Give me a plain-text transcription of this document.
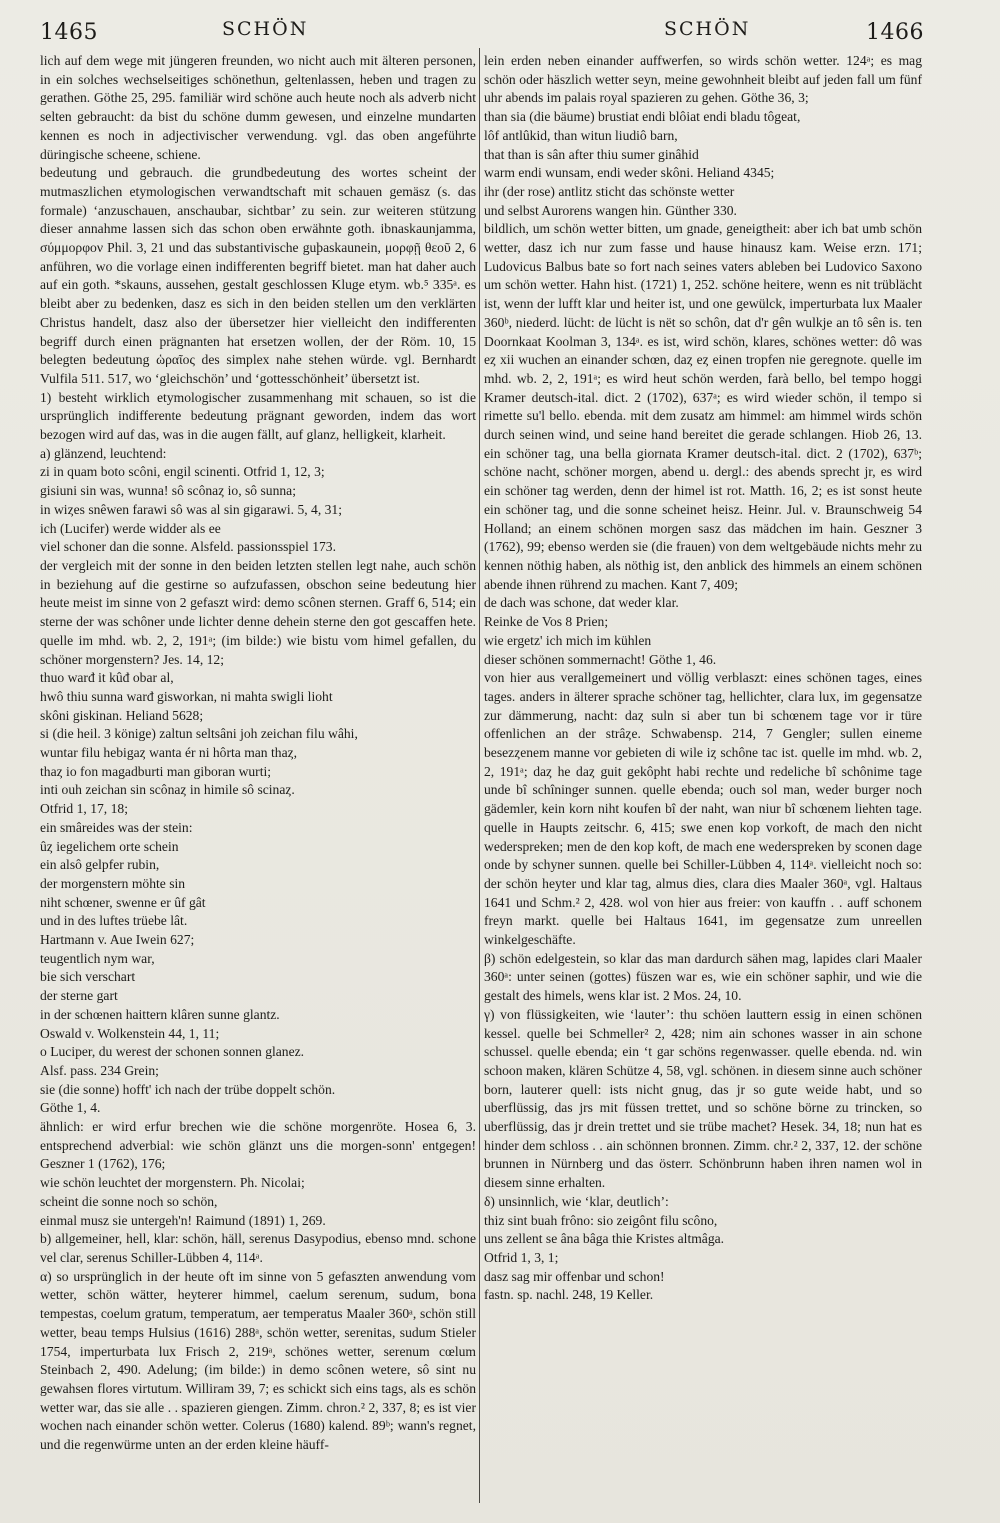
1465	SCHÖN	SCHÖN	1466
lich auf dem wege mit jüngeren freunden, wo nicht auch mit älteren personen, in ein solches wechselseitiges schönethun, geltenlassen, heben und tragen zu gerathen. Göthe 25, 295. familiär wird schöne auch heute noch als adverb nicht selten gebraucht: da bist du schöne dumm gewesen, und einzelne mundarten kennen es noch in adjectivischer verwendung. vgl. das oben angeführte düringische scheene, schiene.
bedeutung und gebrauch. die grundbedeutung des wortes scheint der mutmaszlichen etymologischen verwandtschaft mit schauen gemäsz (s. das formale) ‘anzuschauen, anschaubar, sichtbar’ zu sein. zur weiteren stützung dieser annahme lassen sich das schon oben erwähnte goth. ibnaskaunjamma, σύμμορφον Phil. 3, 21 und das substantivische guþaskaunein, μορφῇ θεοῦ 2, 6 anführen, wo die vorlage einen indifferenten begriff bietet. man hat daher auch auf ein goth. *skauns, aussehen, gestalt geschlossen Kluge etym. wb.⁵ 335ᵃ. es bleibt aber zu bedenken, dasz es sich in den beiden stellen um den verklärten Christus handelt, dasz also der übersetzer hier vielleicht den indifferenten begriff durch einen prägnanten hat ersetzen wollen, der der Röm. 10, 15 belegten bedeutung ὡραῖος des simplex nahe stehen würde. vgl. Bernhardt Vulfila 511. 517, wo ‘gleichschön’ und ‘gottesschönheit’ übersetzt ist.
1) besteht wirklich etymologischer zusammenhang mit schauen, so ist die ursprünglich indifferente bedeutung prägnant geworden, indem das wort bezogen wird auf das, was in die augen fällt, auf glanz, helligkeit, klarheit.
a) glänzend, leuchtend:
zi in quam boto scôni, engil scinenti. Otfrid 1, 12, 3;
gisiuni sin was, wunna! sô scônaȥ io, sô sunna;
in wiȥes snêwen farawi sô was al sin gigarawi. 5, 4, 31;
ich (Lucifer) werde widder als ee
viel schoner dan die sonne. Alsfeld. passionsspiel 173.
der vergleich mit der sonne in den beiden letzten stellen legt nahe, auch schön in beziehung auf die gestirne so aufzufassen, obschon seine bedeutung hier heute meist im sinne von 2 gefaszt wird: demo scônen sternen. Graff 6, 514; ein sterne der was schôner unde lichter denne dehein sterne den got gescaffen hete. quelle im mhd. wb. 2, 2, 191ᵃ; (im bilde:) wie bistu vom himel gefallen, du schöner morgenstern? Jes. 14, 12;
thuo warđ it kûđ obar al,
hwô thiu sunna warđ gisworkan, ni mahta swigli lioht
skôni giskinan. Heliand 5628;
si (die heil. 3 könige) zaltun seltsâni joh zeichan filu wâhi,
wuntar filu hebigaȥ wanta ér ni hôrta man thaȥ,
thaȥ io fon magadburti man giboran wurti;
inti ouh zeichan sin scônaȥ in himile sô scinaȥ.
Otfrid 1, 17, 18;
ein smâreides was der stein:
ûȥ iegelichem orte schein
ein alsô gelpfer rubin,
der morgenstern möhte sin
niht schœner, swenne er ûf gât
und in des luftes trüebe lât.
Hartmann v. Aue Iwein 627;
teugentlich nym war,
bie sich verschart
der sterne gart
in der schœnen haittern klâren sunne glantz.
Oswald v. Wolkenstein 44, 1, 11;
o Luciper, du werest der schonen sonnen glanez.
Alsf. pass. 234 Grein;
sie (die sonne) hofft' ich nach der trübe doppelt schön.
Göthe 1, 4.
ähnlich: er wird erfur brechen wie die schöne morgenröte. Hosea 6, 3. entsprechend adverbial: wie schön glänzt uns die morgen-sonn' entgegen! Geszner 1 (1762), 176;
wie schön leuchtet der morgenstern. Ph. Nicolai;
scheint die sonne noch so schön,
einmal musz sie untergeh'n! Raimund (1891) 1, 269.
b) allgemeiner, hell, klar: schön, häll, serenus Dasypodius, ebenso mnd. schone vel clar, serenus Schiller-Lübben 4, 114ᵃ.
α) so ursprünglich in der heute oft im sinne von 5 gefaszten anwendung vom wetter, schön wätter, heyterer himmel, caelum serenum, sudum, bona tempestas, coelum gratum, temperatum, aer temperatus Maaler 360ᵃ, schön still wetter, beau temps Hulsius (1616) 288ᵃ, schön wetter, serenitas, sudum Stieler 1754, imperturbata lux Frisch 2, 219ᵃ, schönes wetter, serenum cœlum Steinbach 2, 490. Adelung; (im bilde:) in demo scônen wetere, sô sint nu gewahsen flores virtutum. Williram 39, 7; es schickt sich eins tags, als es schön wetter war, das sie alle . . spazieren giengen. Zimm. chron.² 2, 337, 8; es ist vier wochen nach einander schön wetter. Colerus (1680) kalend. 89ᵇ; wann's regnet, und die regenwürme unten an der erden kleine häuff-
lein erden neben einander auffwerfen, so wirds schön wetter. 124ᵃ; es mag schön oder häszlich wetter seyn, meine gewohnheit bleibt auf jeden fall um fünf uhr abends im palais royal spazieren zu gehen. Göthe 36, 3;
than sia (die bäume) brustiat endi blôiat endi bladu tôgeat,
lôf antlûkid, than witun liudiô barn,
that than is sân after thiu sumer ginâhid
warm endi wunsam, endi weder skôni. Heliand 4345;
ihr (der rose) antlitz sticht das schönste wetter
und selbst Aurorens wangen hin. Günther 330.
bildlich, um schön wetter bitten, um gnade, geneigtheit: aber ich bat umb schön wetter, dasz ich nur zum fasse und hause hinausz kam. Weise erzn. 171; Ludovicus Balbus bate so fort nach seines vaters ableben bei Ludovico Saxono um schön wetter. Hahn hist. (1721) 1, 252. schöne heitere, wenn es nit trüblächt ist, wenn der lufft klar und heiter ist, und one gewülck, imperturbata lux Maaler 360ᵇ, niederd. lücht: de lücht is nët so schôn, dat d'r gên wulkje an tô sên is. ten Doornkaat Koolman 3, 134ᵃ. es ist, wird schön, klares, schönes wetter: dô was eȥ xii wuchen an einander schœn, daȥ eȥ einen tropfen nie geregnote. quelle im mhd. wb. 2, 2, 191ᵃ; es wird heut schön werden, farà bello, bel tempo hoggi Kramer deutsch-ital. dict. 2 (1702), 637ᵃ; es wird wieder schön, il tempo si rimette su'l bello. ebenda. mit dem zusatz am himmel: am himmel wirds schön durch seinen wind, und seine hand bereitet die gerade schlangen. Hiob 26, 13. ein schöner tag, una bella giornata Kramer deutsch-ital. dict. 2 (1702), 637ᵇ; schöne nacht, schöner morgen, abend u. dergl.: des abends sprecht jr, es wird ein schöner tag werden, denn der himel ist rot. Matth. 16, 2; es ist sonst heute ein schöner tag, und die sonne scheinet heisz. Heinr. Jul. v. Braunschweig 54 Holland; an einem schönen morgen sasz das mädchen im hain. Geszner 3 (1762), 99; ebenso werden sie (die frauen) von dem weltgebäude nichts mehr zu kennen nöthig haben, als nöthig ist, den anblick des himmels an einem schönen abende ihnen rührend zu machen. Kant 7, 409;
de dach was schone, dat weder klar.
Reinke de Vos 8 Prien;
wie ergetz' ich mich im kühlen
dieser schönen sommernacht! Göthe 1, 46.
von hier aus verallgemeinert und völlig verblaszt: eines schönen tages, eines tages. anders in älterer sprache schöner tag, hellichter, clara lux, im gegensatze zur dämmerung, nacht: daȥ suln si aber tun bi schœnem tage vor ir türe offenlichen an der strâȥe. Schwabensp. 214, 7 Gengler; sullen eineme besezȥenem manne vor gebieten di wile iȥ schône tac ist. quelle im mhd. wb. 2, 2, 191ᵃ; daȥ he daȥ guit gekôpht habi rechte und redeliche bî schônime tage unde bî schîninger sunnen. quelle ebenda; ouch sol man, weder burger noch gädemler, kein korn niht koufen bî der naht, wan niur bî schœnem liehten tage. quelle in Haupts zeitschr. 6, 415; swe enen kop vorkoft, de mach den nicht wederspreken; men de den kop koft, de mach ene wederspreken by sconen dage onde by schyner sunnen. quelle bei Schiller-Lübben 4, 114ᵃ. vielleicht noch so: der schön heyter und klar tag, almus dies, clara dies Maaler 360ᵃ, vgl. Haltaus 1641 und Schm.² 2, 428. wol von hier aus freier: von kauffn . . auff schonem freyn markt. quelle bei Haltaus 1641, im gegensatze zum unreellen winkelgeschäfte.
β) schön edelgestein, so klar das man dardurch sähen mag, lapides clari Maaler 360ᵃ: unter seinen (gottes) füszen war es, wie ein schöner saphir, und wie die gestalt des himels, wens klar ist. 2 Mos. 24, 10.
γ) von flüssigkeiten, wie ‘lauter’: thu schöen lauttern essig in einen schönen kessel. quelle bei Schmeller² 2, 428; nim ain schones wasser in ain schone schussel. quelle ebenda; ein ‘t gar schöns regenwasser. quelle ebenda. nd. win schoon maken, klären Schütze 4, 58, vgl. schönen. in diesem sinne auch schöner born, lauterer quell: ists nicht gnug, das jr so gute weide habt, und so uberflüssig, das jrs mit füssen trettet, und so schöne börne zu trincken, so uberflüssig, das jr drein trettet und sie trübe machet? Hesek. 34, 18; nun hat es hinder dem schloss . . ain schönnen bronnen. Zimm. chr.² 2, 337, 12. der schöne brunnen in Nürnberg und das österr. Schönbrunn haben ihren namen wol in diesem sinne erhalten.
δ) unsinnlich, wie ‘klar, deutlich’:
thiz sint buah frôno: sio zeigônt filu scôno,
uns zellent se âna bâga thie Kristes altmâga.
Otfrid 1, 3, 1;
dasz sag mir offenbar und schon!
fastn. sp. nachl. 248, 19 Keller.
